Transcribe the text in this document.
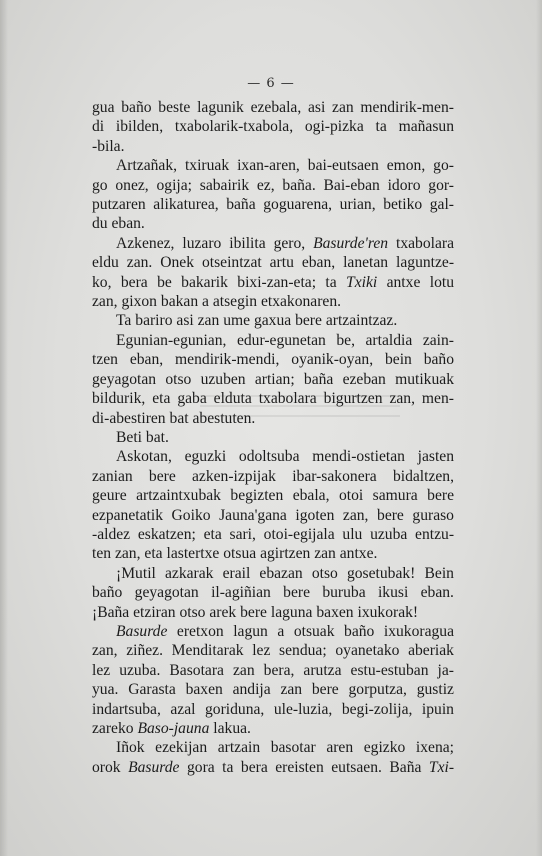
— 6 —

gua baño beste lagunik ezebala, asi zan mendirik-men-

di ibilden, txabolarik-txabola, ogi-pizka ta mañasun

-bila.

Artzañak, txiruak ixan-aren, bai-eutsaen emon, go-

go onez, ogija; sabairik ez, baña. Bai-eban idoro gor-

putzaren alikaturea, baña goguarena, urian, betiko gal-

du eban.

Azkenez, luzaro ibilita gero, Basurde'ren txabolara

eldu zan. Onek otseintzat artu eban, lanetan laguntze-

ko, bera be bakarik bixi-zan-eta; ta Txiki antxe lotu

zan, gixon bakan a atsegin etxakonaren.

Ta bariro asi zan ume gaxua bere artzaintzaz.

Egunian-egunian, edur-egunetan be, artaldia zain-

tzen eban, mendirik-mendi, oyanik-oyan, bein baño

geyagotan otso uzuben artian; baña ezeban mutikuak

bildurik, eta gaba elduta txabolara bigurtzen zan, men-

di-abestiren bat abestuten.

Beti bat.

Askotan, eguzki odoltsuba mendi-ostietan jasten

zanian bere azken-izpijak ibar-sakonera bidaltzen,

geure artzaintxubak begizten ebala, otoi samura bere

ezpanetatik Goiko Jauna'gana igoten zan, bere guraso

-aldez eskatzen; eta sari, otoi-egijala ulu uzuba entzu-

ten zan, eta lastertxe otsua agirtzen zan antxe.

¡Mutil azkarak erail ebazan otso gosetubak! Bein

baño geyagotan il-agiñian bere buruba ikusi eban.

¡Baña etziran otso arek bere laguna baxen ixukorak!

Basurde eretxon lagun a otsuak baño ixukoragua

zan, ziñez. Menditarak lez sendua; oyanetako aberiak

lez uzuba. Basotara zan bera, arutza estu-estuban ja-

yua. Garasta baxen andija zan bere gorputza, gustiz

indartsuba, azal goriduna, ule-luzia, begi-zolija, ipuin

zareko Baso-jauna lakua.

Iñok ezekijan artzain basotar aren egizko ixena;

orok Basurde gora ta bera ereisten eutsaen. Baña Txi-
